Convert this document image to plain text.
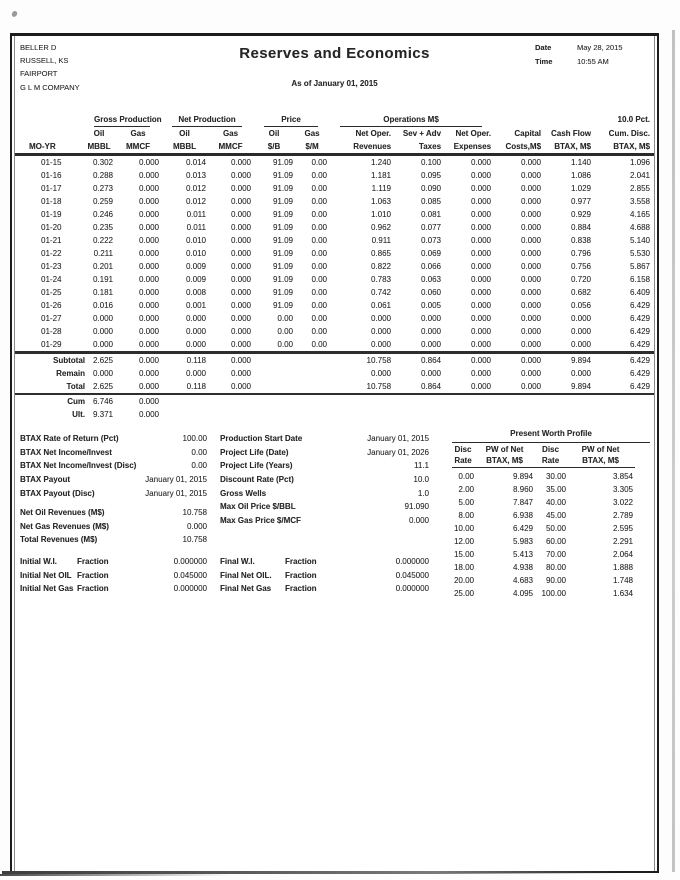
BELLER D
RUSSELL, KS
FAIRPORT
G L M COMPANY
Reserves and Economics
As of January 01, 2015
Date	May 28, 2015
Time	10:55 AM

	Gross Production		Net Production		Price		Operations M$					10.0 Pct.
	Oil	Gas	Oil	Gas	Oil	Gas	Net Oper.	Sev + Adv	Net Oper.	Capital	Cash Flow	Cum. Disc.
MO-YR	MBBL	MMCF	MBBL	MMCF	$/B	$/M	Revenues	Taxes	Expenses	Costs,M$	BTAX, M$	BTAX, M$
01-15	0.302	0.000	0.014	0.000	91.09	0.00	1.240	0.100	0.000	0.000	1.140	1.096
01-16	0.288	0.000	0.013	0.000	91.09	0.00	1.181	0.095	0.000	0.000	1.086	2.041
01-17	0.273	0.000	0.012	0.000	91.09	0.00	1.119	0.090	0.000	0.000	1.029	2.855
01-18	0.259	0.000	0.012	0.000	91.09	0.00	1.063	0.085	0.000	0.000	0.977	3.558
01-19	0.246	0.000	0.011	0.000	91.09	0.00	1.010	0.081	0.000	0.000	0.929	4.165
01-20	0.235	0.000	0.011	0.000	91.09	0.00	0.962	0.077	0.000	0.000	0.884	4.688
01-21	0.222	0.000	0.010	0.000	91.09	0.00	0.911	0.073	0.000	0.000	0.838	5.140
01-22	0.211	0.000	0.010	0.000	91.09	0.00	0.865	0.069	0.000	0.000	0.796	5.530
01-23	0.201	0.000	0.009	0.000	91.09	0.00	0.822	0.066	0.000	0.000	0.756	5.867
01-24	0.191	0.000	0.009	0.000	91.09	0.00	0.783	0.063	0.000	0.000	0.720	6.158
01-25	0.181	0.000	0.008	0.000	91.09	0.00	0.742	0.060	0.000	0.000	0.682	6.409
01-26	0.016	0.000	0.001	0.000	91.09	0.00	0.061	0.005	0.000	0.000	0.056	6.429
01-27	0.000	0.000	0.000	0.000	0.00	0.00	0.000	0.000	0.000	0.000	0.000	6.429
01-28	0.000	0.000	0.000	0.000	0.00	0.00	0.000	0.000	0.000	0.000	0.000	6.429
01-29	0.000	0.000	0.000	0.000	0.00	0.00	0.000	0.000	0.000	0.000	0.000	6.429
Subtotal	2.625	0.000	0.118	0.000			10.758	0.864	0.000	0.000	9.894	6.429
Remain	0.000	0.000	0.000	0.000			0.000	0.000	0.000	0.000	0.000	6.429
Total	2.625	0.000	0.118	0.000			10.758	0.864	0.000	0.000	9.894	6.429
Cum	6.746	0.000										
Ult.	9.371	0.000										
BTAX Rate of Return (Pct)	100.00
BTAX Net Income/Invest	0.00
BTAX Net Income/Invest (Disc)	0.00
BTAX Payout	January 01, 2015
BTAX Payout (Disc)	January 01, 2015
Net Oil Revenues (M$)	10.758
Net Gas Revenues (M$)	0.000
Total Revenues (M$)	10.758
Initial W.I.	Fraction	0.000000
Initial Net OIL Fraction	0.045000
Initial Net Gas Fraction	0.000000
Production Start Date	January 01, 2015
Project Life (Date)	January 01, 2026
Project Life (Years)	11.1
Discount Rate (Pct)	10.0
Gross Wells	1.0
Max Oil Price $/BBL	91.090
Max Gas Price $/MCF	0.000
Final W.I.	Fraction	0.000000
Final Net OIL.	Fraction	0.045000
Final Net Gas	Fraction	0.000000
Present Worth Profile
Disc	PW of Net	Disc	PW of Net
Rate	BTAX, M$	Rate	BTAX, M$
0.00	9.894	30.00	3.854
2.00	8.960	35.00	3.305
5.00	7.847	40.00	3.022
8.00	6.938	45.00	2.789
10.00	6.429	50.00	2.595
12.00	5.983	60.00	2.291
15.00	5.413	70.00	2.064
18.00	4.938	80.00	1.888
20.00	4.683	90.00	1.748
25.00	4.095	100.00	1.634
